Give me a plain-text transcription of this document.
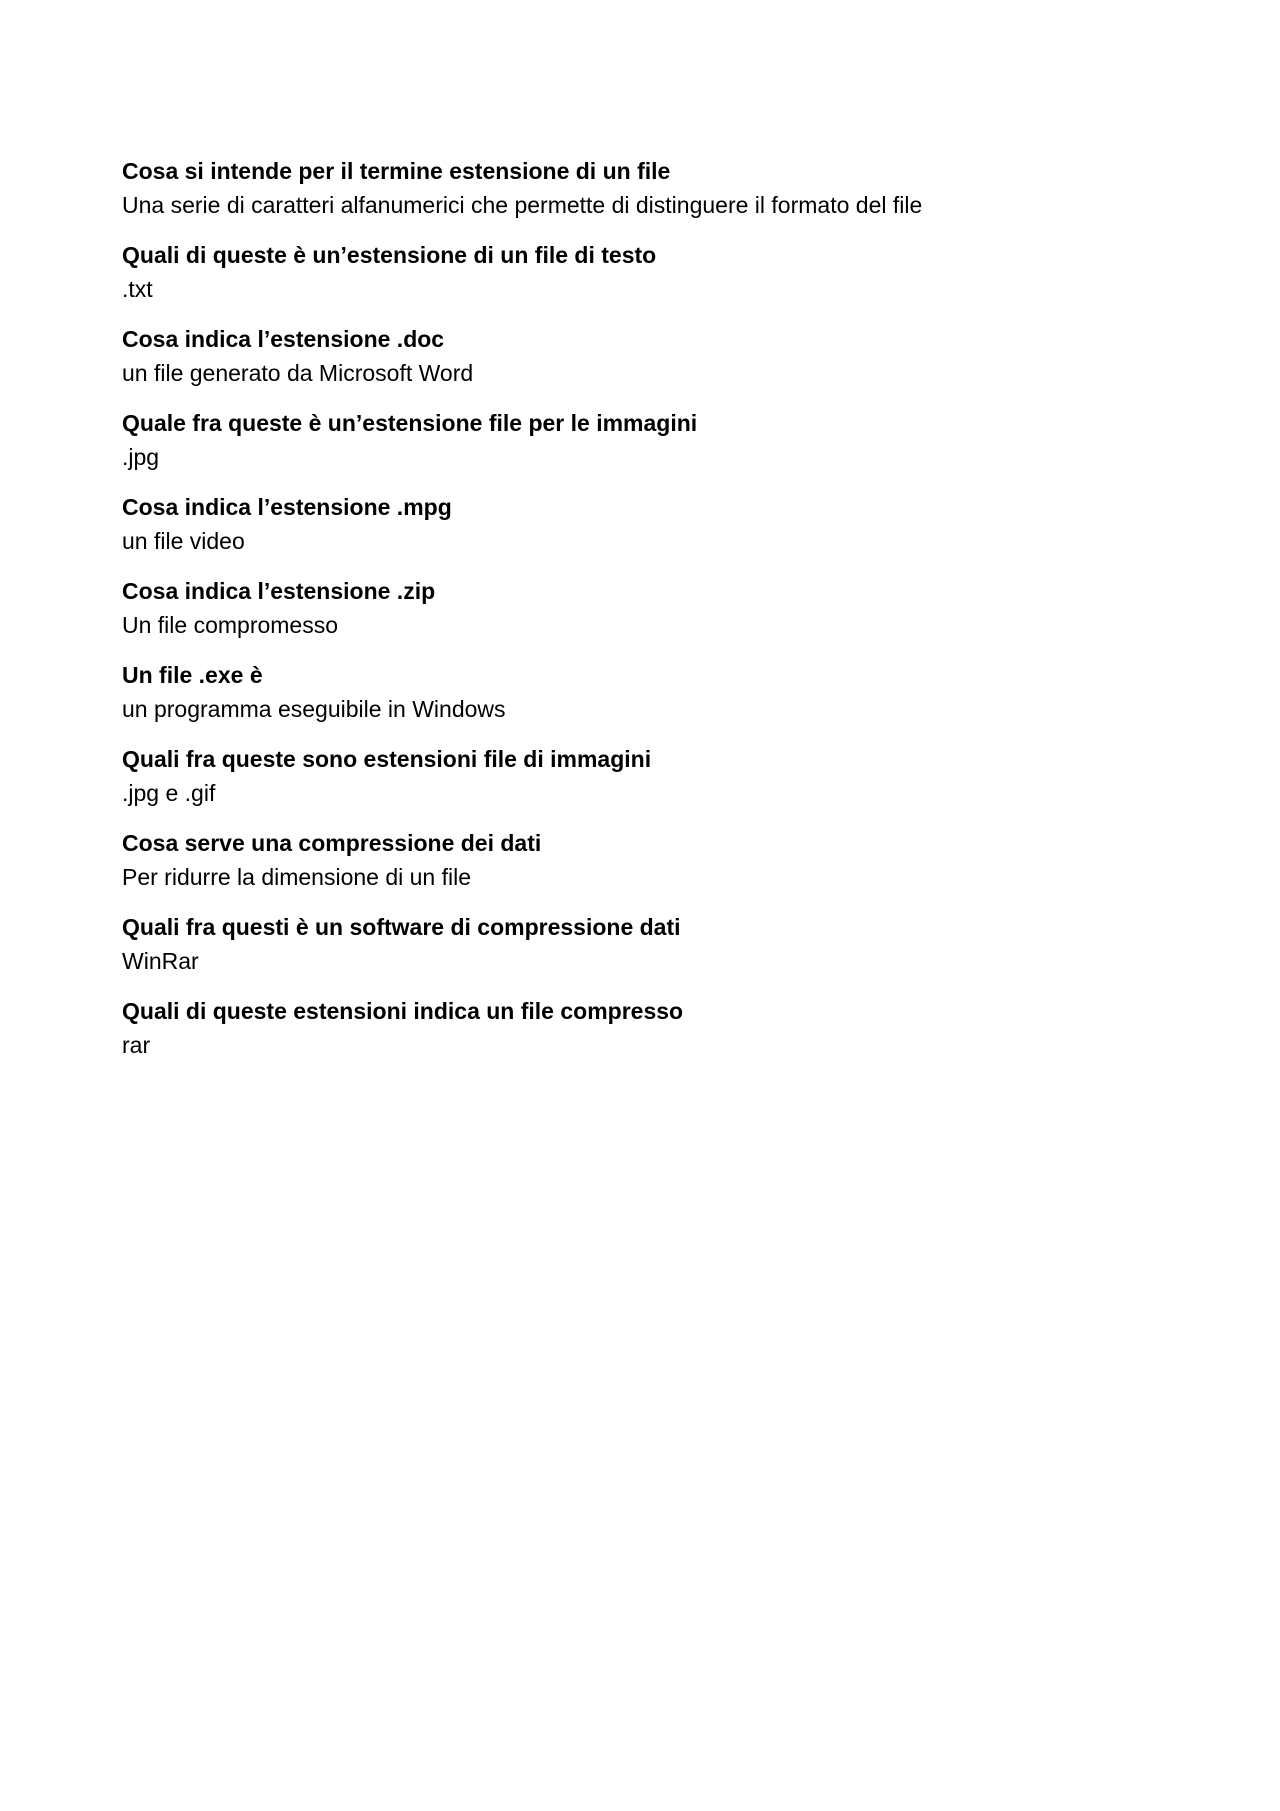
Cosa si intende per il termine estensione di un file
Una serie di caratteri alfanumerici che permette di distinguere il formato del file
Quali di queste è un’estensione di un file di testo
.txt
Cosa indica l’estensione .doc
un file generato da Microsoft Word
Quale fra queste è un’estensione file per le immagini
.jpg
Cosa indica l’estensione .mpg
un file video
Cosa indica l’estensione .zip
Un file compromesso
Un file .exe è
un programma eseguibile in Windows
Quali fra queste sono estensioni file di immagini
.jpg e .gif
Cosa serve una compressione dei dati
Per ridurre la dimensione di un file
Quali fra questi è un software di compressione dati
WinRar
Quali di queste estensioni indica un file compresso
rar
